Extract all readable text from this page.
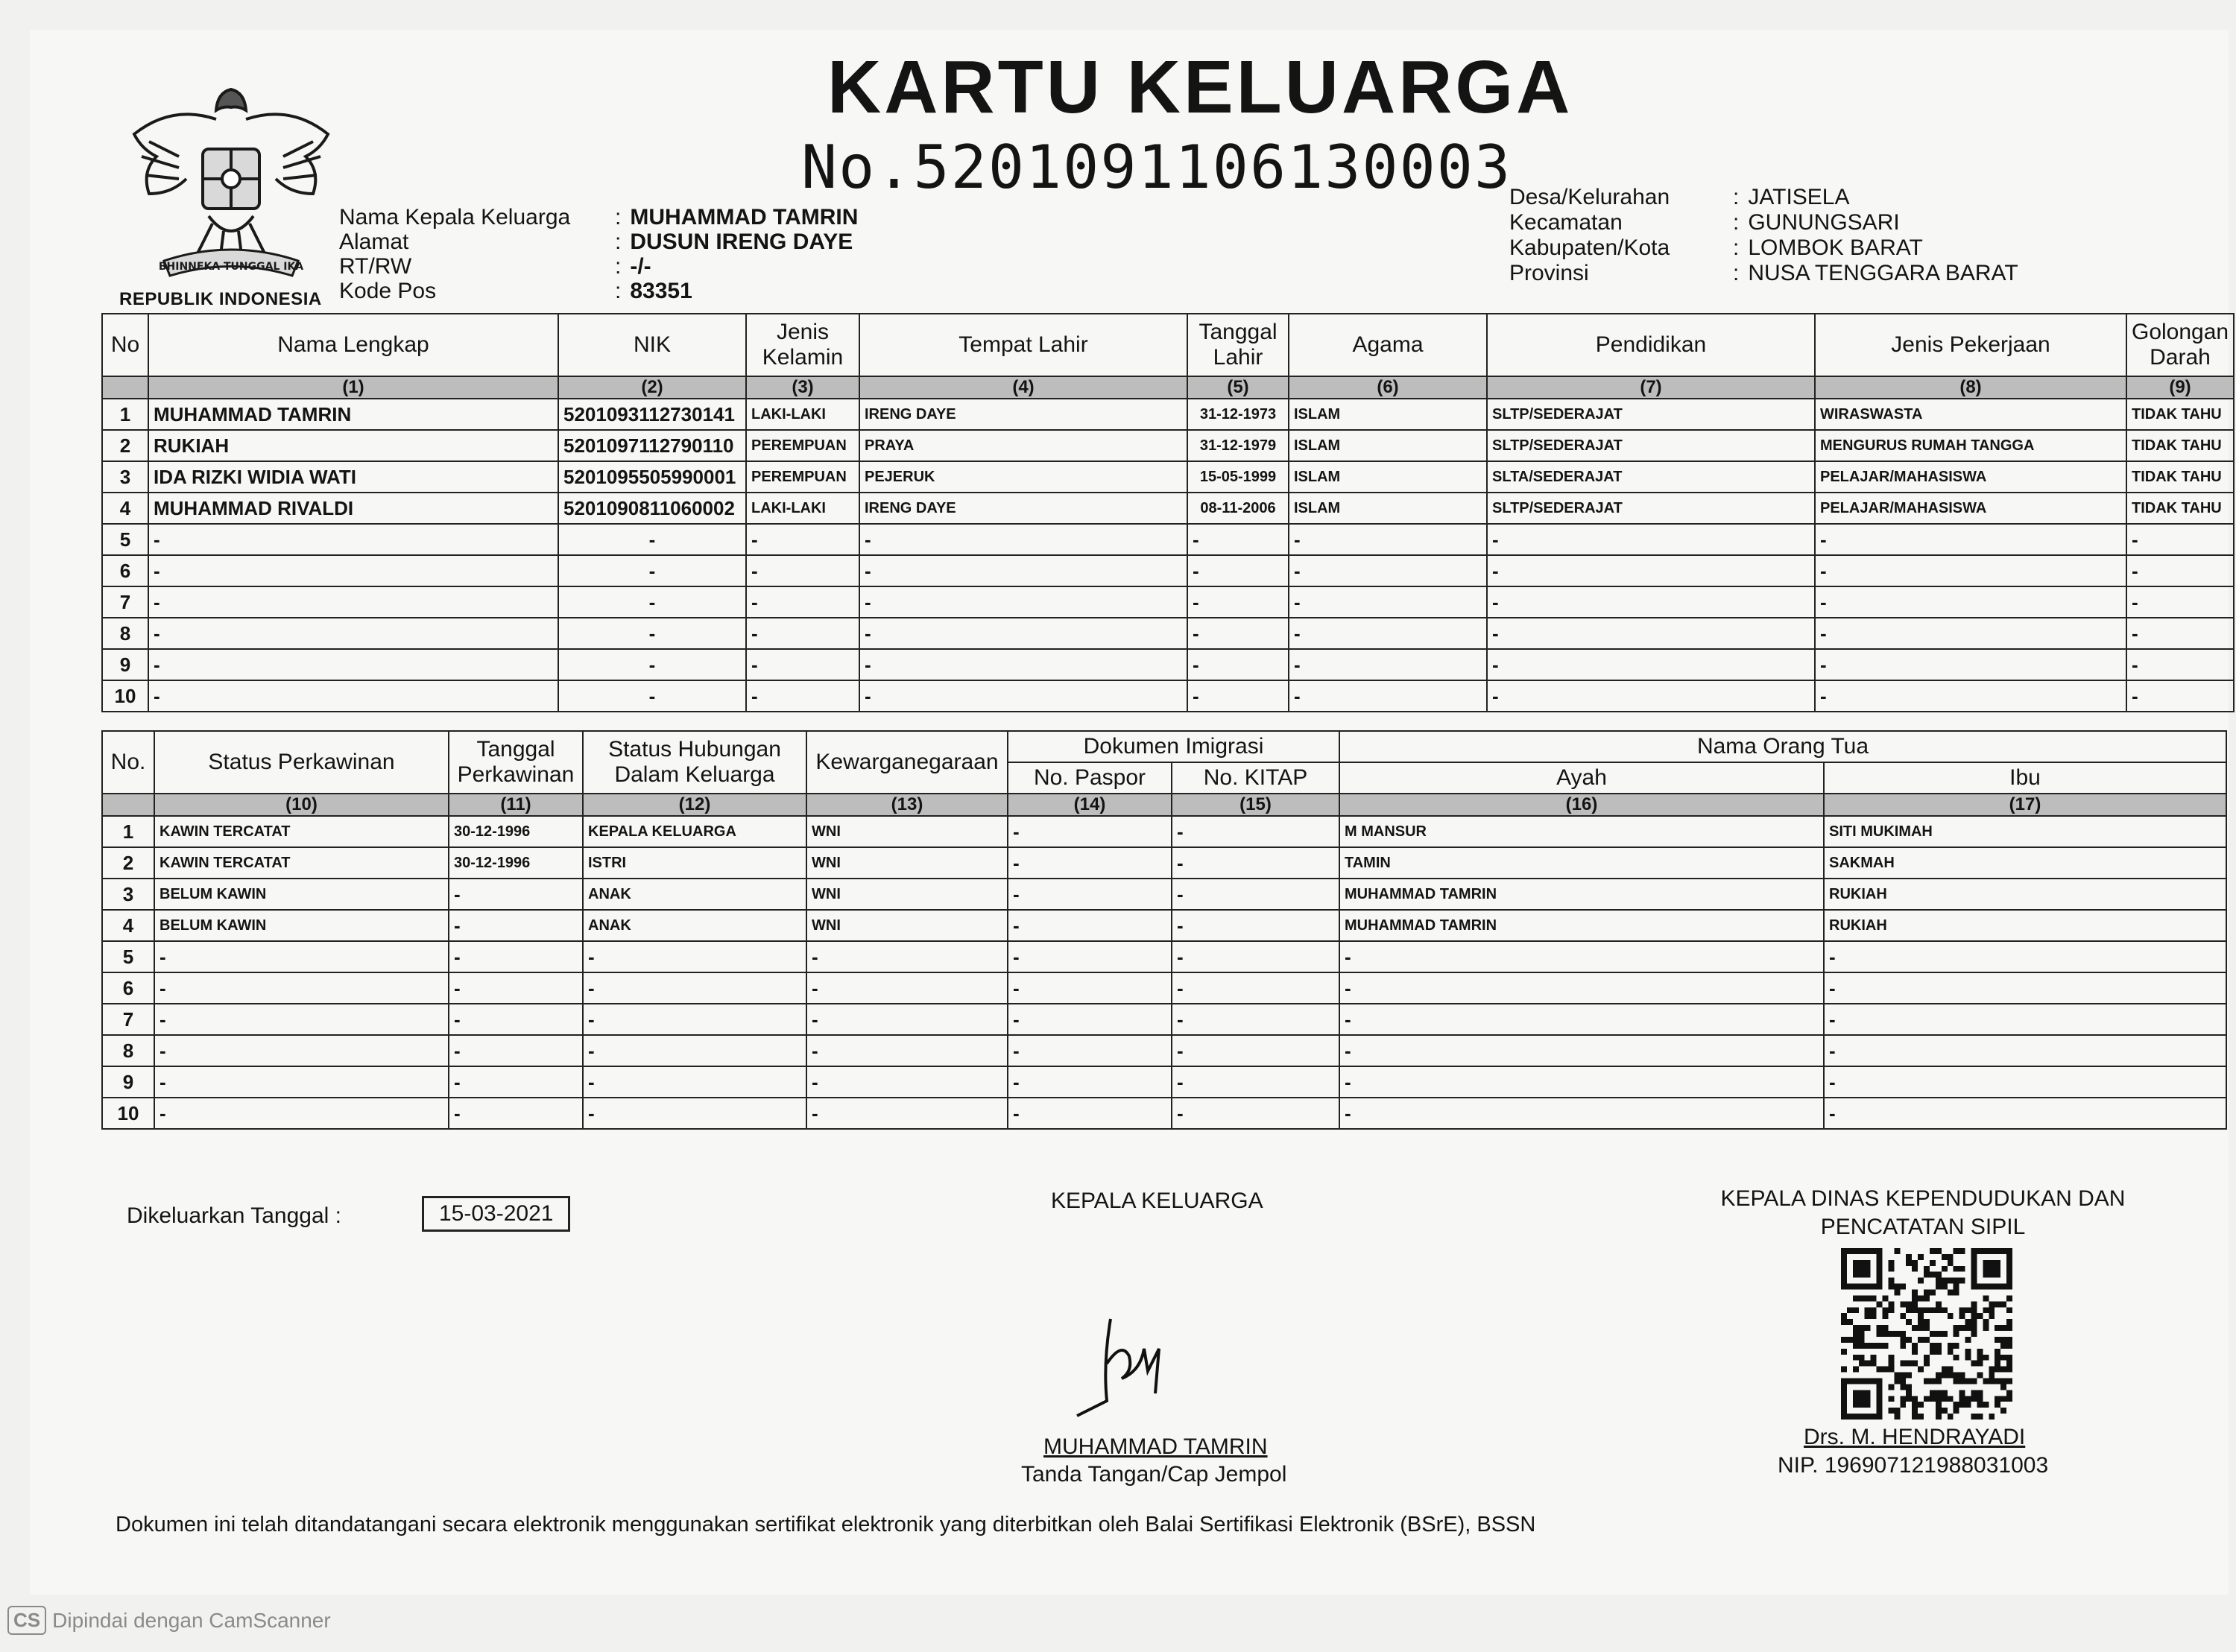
BHINNEKA TUNGGAL IKA
REPUBLIK INDONESIA
KARTU KELUARGA
No.5201091106130003
Nama Kepala Keluarga : MUHAMMAD TAMRIN
Alamat	: DUSUN IRENG DAYE
RT/RW	: -/-
Kode Pos	: 83351
Desa/Kelurahan	: JATISELA
Kecamatan	: GUNUNGSARI
Kabupaten/Kota	: LOMBOK BARAT
Provinsi	: NUSA TENGGARA BARAT
No	Nama Lengkap	NIK	Jenis Kelamin	Tempat Lahir	Tanggal Lahir	Agama	Pendidikan	Jenis Pekerjaan	Golongan Darah
	(1)	(2)	(3)	(4)	(5)	(6)	(7)	(8)	(9)
1	MUHAMMAD TAMRIN	5201093112730141	LAKI-LAKI	IRENG DAYE	31-12-1973	ISLAM	SLTP/SEDERAJAT	WIRASWASTA	TIDAK TAHU
2	RUKIAH	5201097112790110	PEREMPUAN	PRAYA	31-12-1979	ISLAM	SLTP/SEDERAJAT	MENGURUS RUMAH TANGGA	TIDAK TAHU
3	IDA RIZKI WIDIA WATI	5201095505990001	PEREMPUAN	PEJERUK	15-05-1999	ISLAM	SLTA/SEDERAJAT	PELAJAR/MAHASISWA	TIDAK TAHU
4	MUHAMMAD RIVALDI	5201090811060002	LAKI-LAKI	IRENG DAYE	08-11-2006	ISLAM	SLTP/SEDERAJAT	PELAJAR/MAHASISWA	TIDAK TAHU
5	-	-	-	-	-	-	-	-	-
6	-	-	-	-	-	-	-	-	-
7	-	-	-	-	-	-	-	-	-
8	-	-	-	-	-	-	-	-	-
9	-	-	-	-	-	-	-	-	-
10	-	-	-	-	-	-	-	-	-
No.	Status Perkawinan	Tanggal Perkawinan	Status Hubungan Dalam Keluarga	Kewarganegaraan	Dokumen Imigrasi		Nama Orang Tua	
					No. Paspor	No. KITAP	Ayah	Ibu
	(10)	(11)	(12)	(13)	(14)	(15)	(16)	(17)
1	KAWIN TERCATAT	30-12-1996	KEPALA KELUARGA	WNI	-	-	M MANSUR	SITI MUKIMAH
2	KAWIN TERCATAT	30-12-1996	ISTRI	WNI	-	-	TAMIN	SAKMAH
3	BELUM KAWIN	-	ANAK	WNI	-	-	MUHAMMAD TAMRIN	RUKIAH
4	BELUM KAWIN	-	ANAK	WNI	-	-	MUHAMMAD TAMRIN	RUKIAH
5	-	-	-	-	-	-	-	-
6	-	-	-	-	-	-	-	-
7	-	-	-	-	-	-	-	-
8	-	-	-	-	-	-	-	-
9	-	-	-	-	-	-	-	-
10	-	-	-	-	-	-	-	-
Dikeluarkan Tanggal :	15-03-2021
KEPALA KELUARGA
MUHAMMAD TAMRIN
Tanda Tangan/Cap Jempol
KEPALA DINAS KEPENDUDUKAN DAN
PENCATATAN SIPIL
Drs. M. HENDRAYADI
NIP. 196907121988031003
Dokumen ini telah ditandatangani secara elektronik menggunakan sertifikat elektronik yang diterbitkan oleh Balai Sertifikasi Elektronik (BSrE), BSSN
CS Dipindai dengan CamScanner
